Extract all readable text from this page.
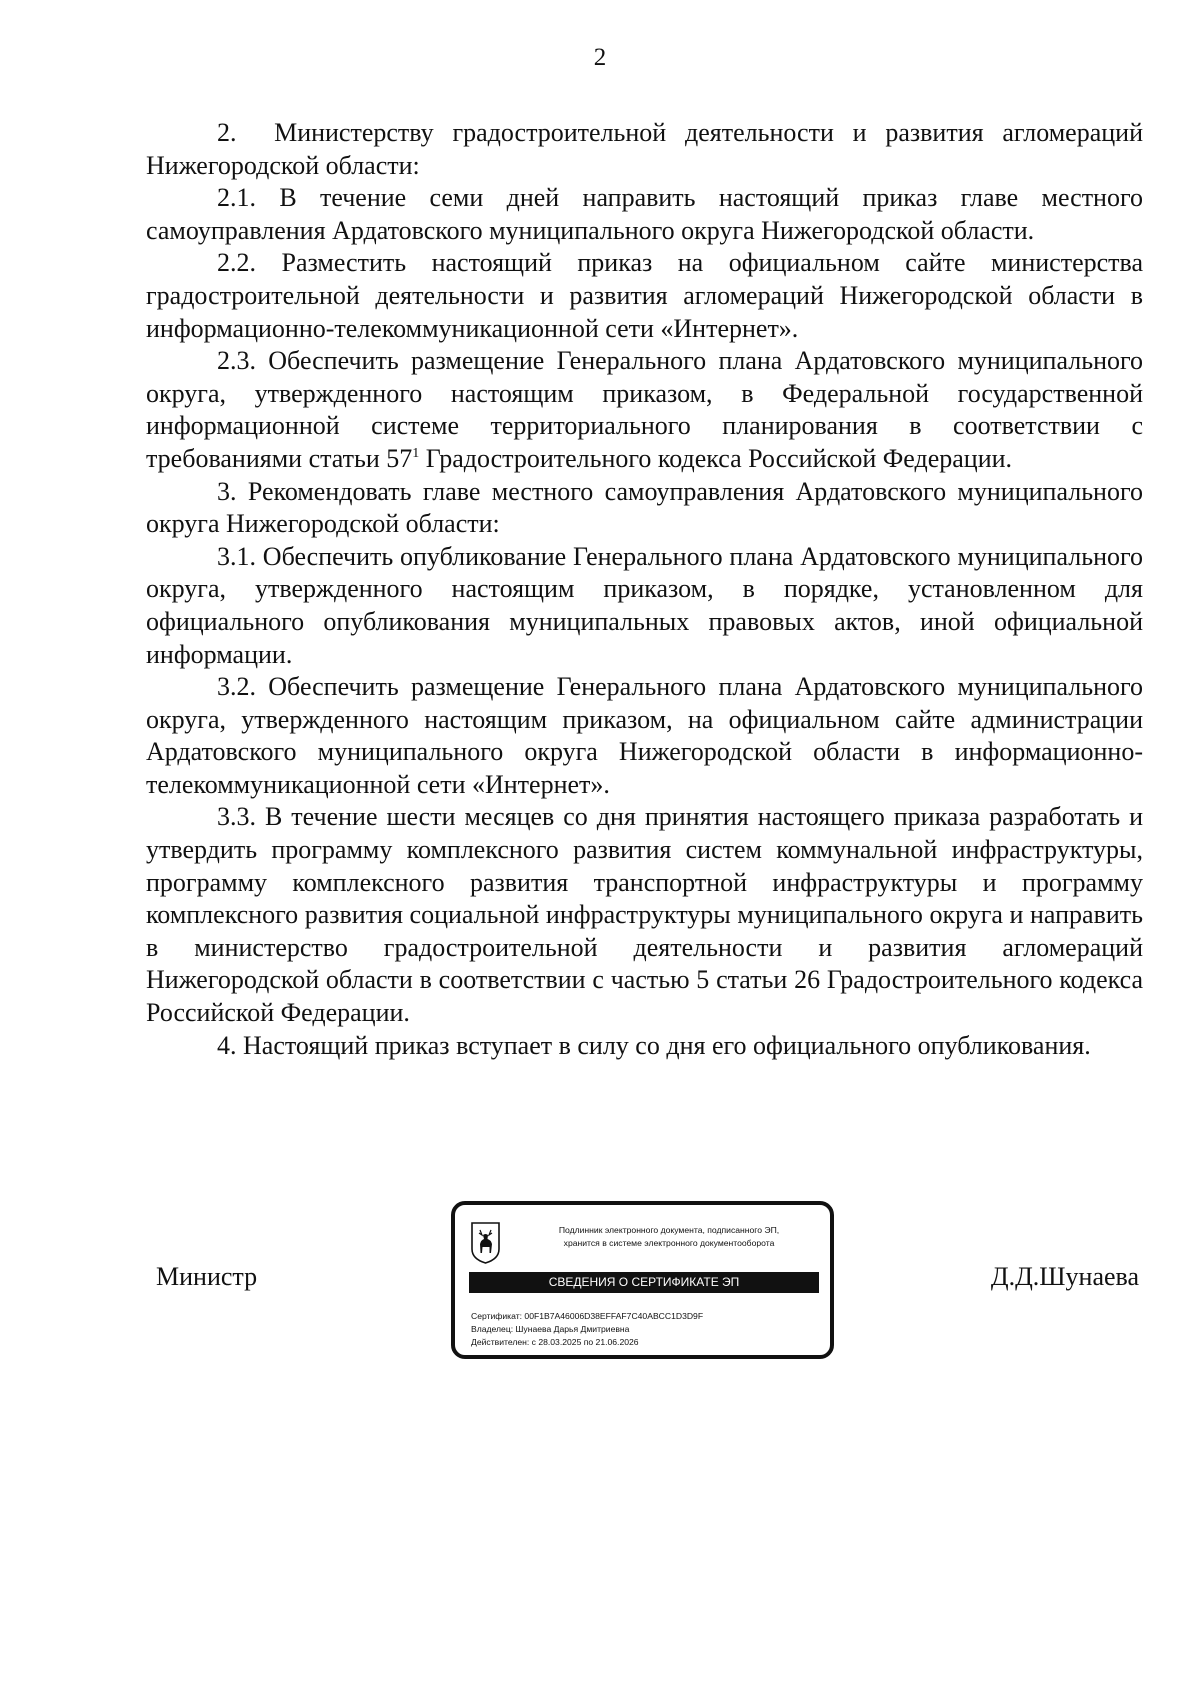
2

2.  Министерству градостроительной деятельности и развития агломераций Нижегородской области:

2.1. В течение семи дней направить настоящий приказ главе местного самоуправления Ардатовского муниципального округа Нижегородской области.

2.2. Разместить настоящий приказ на официальном сайте министерства градостроительной деятельности и развития агломераций Нижегородской области в информационно-телекоммуникационной сети «Интернет».

2.3. Обеспечить размещение Генерального плана Ардатовского муниципального округа, утвержденного настоящим приказом, в Федеральной государственной информационной системе территориального планирования в соответствии с требованиями статьи $57^1$ Градостроительного кодекса Российской Федерации.

3. Рекомендовать главе местного самоуправления Ардатовского муниципального округа Нижегородской области:

3.1. Обеспечить опубликование Генерального плана Ардатовского муниципального округа, утвержденного настоящим приказом, в порядке, установленном для официального опубликования муниципальных правовых актов, иной официальной информации.

3.2. Обеспечить размещение Генерального плана Ардатовского муниципального округа, утвержденного настоящим приказом, на официальном сайте администрации Ардатовского муниципального округа Нижегородской области в информационно-телекоммуникационной сети «Интернет».

3.3. В течение шести месяцев со дня принятия настоящего приказа разработать и утвердить программу комплексного развития систем коммунальной инфраструктуры, программу комплексного развития транспортной инфраструктуры и программу комплексного развития социальной инфраструктуры муниципального округа и направить в министерство градостроительной деятельности и развития агломераций Нижегородской области в соответствии с частью 5 статьи 26 Градостроительного кодекса Российской Федерации.

4. Настоящий приказ вступает в силу со дня его официального опубликования.

Министр
Подлинник электронного документа, подписанного ЭП,
хранится в системе электронного документооборота
СВЕДЕНИЯ О СЕРТИФИКАТЕ ЭП
Сертификат: 00F1B7A46006D38EFFAF7C40ABCC1D3D9F
Владелец: Шунаева Дарья Дмитриевна
Действителен: с 28.03.2025 по 21.06.2026
Д.Д.Шунаева
